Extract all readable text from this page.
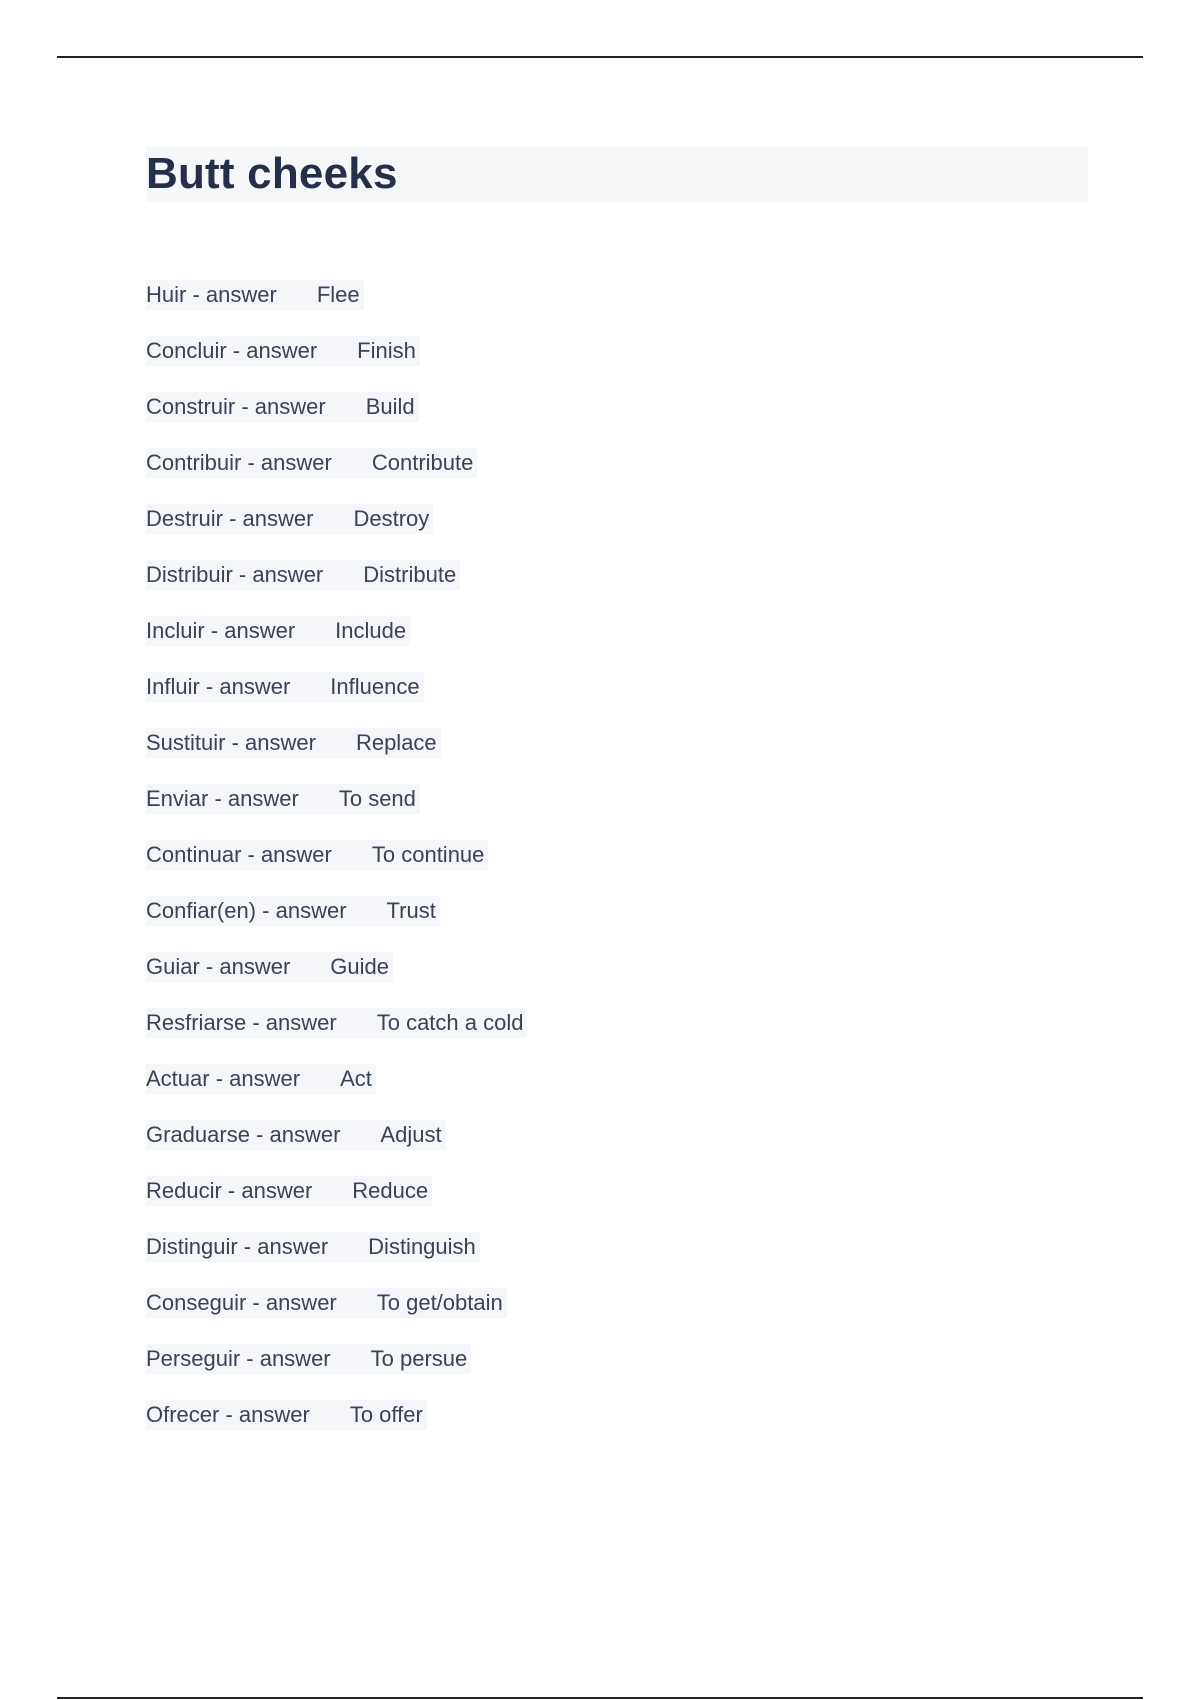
Butt cheeks
Huir - answer Flee
Concluir - answer Finish
Construir - answer Build
Contribuir - answer Contribute
Destruir - answer Destroy
Distribuir - answer Distribute
Incluir - answer Include
Influir - answer Influence
Sustituir - answer Replace
Enviar - answer To send
Continuar - answer To continue
Confiar(en) - answer Trust
Guiar - answer Guide
Resfriarse - answer To catch a cold
Actuar - answer Act
Graduarse - answer Adjust
Reducir - answer Reduce
Distinguir - answer Distinguish
Conseguir - answer To get/obtain
Perseguir - answer To persue
Ofrecer - answer To offer
